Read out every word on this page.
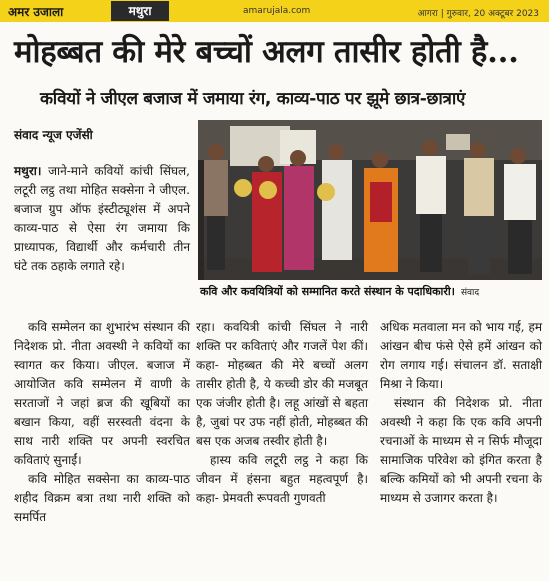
अमर उजाला	मथुरा	amarujala.com	आगरा | गुरुवार, 20 अक्टूबर 2023
मोहब्बत की मेरे बच्चों अलग तासीर होती है...
कवियों ने जीएल बजाज में जमाया रंग, काव्य-पाठ पर झूमे छात्र-छात्राएं
संवाद न्यूज एजेंसी
कवि और कवयित्रियों को सम्मानित करते संस्थान के पदाधिकारी। संवाद

मथुरा। जाने-माने कवियों कांची सिंघल, लटूरी लट्ठ तथा मोहित सक्सेना ने जीएल. बजाज ग्रुप ऑफ इंस्टीट्यूशंस में अपने काव्य-पाठ से ऐसा रंग जमाया कि प्राध्यापक, विद्यार्थी और कर्मचारी तीन घंटे तक ठहाके लगाते रहे।

कवि सम्मेलन का शुभारंभ संस्थान की निदेशक प्रो. नीता अवस्थी ने कवियों का स्वागत कर किया। जीएल. बजाज में आयोजित कवि सम्मेलन में वाणी के सरताजों ने जहां ब्रज की खूबियों का बखान किया, वहीं सरस्वती वंदना के साथ नारी शक्ति पर अपनी स्वरचित कविताएं सुनाईं।

कवि मोहित सक्सेना का काव्य-पाठ शहीद विक्रम बत्रा तथा नारी शक्ति को समर्पित

रहा। कवयित्री कांची सिंघल ने नारी शक्ति पर कविताएं और गजलें पेश कीं। कहा- मोहब्बत की मेरे बच्चों अलग तासीर होती है, ये कच्ची डोर की मजबूत एक जंजीर होती है। लहू आंखों से बहता है, जुबां पर उफ नहीं होती, मोहब्बत की बस एक अजब तस्वीर होती है।

हास्य कवि लटूरी लट्ठ ने कहा कि जीवन में हंसना बहुत महत्वपूर्ण है। कहा- प्रेमवती रूपवती गुणवती

अधिक मतवाला मन को भाय गई, हम आंखन बीच फंसे ऐसे हमें आंखन को रोग लगाय गई। संचालन डॉ. सताक्षी मिश्रा ने किया।

संस्थान की निदेशक प्रो. नीता अवस्थी ने कहा कि एक कवि अपनी रचनाओं के माध्यम से न सिर्फ मौजूदा सामाजिक परिवेश को इंगित करता है बल्कि कमियों को भी अपनी रचना के माध्यम से उजागर करता है।
